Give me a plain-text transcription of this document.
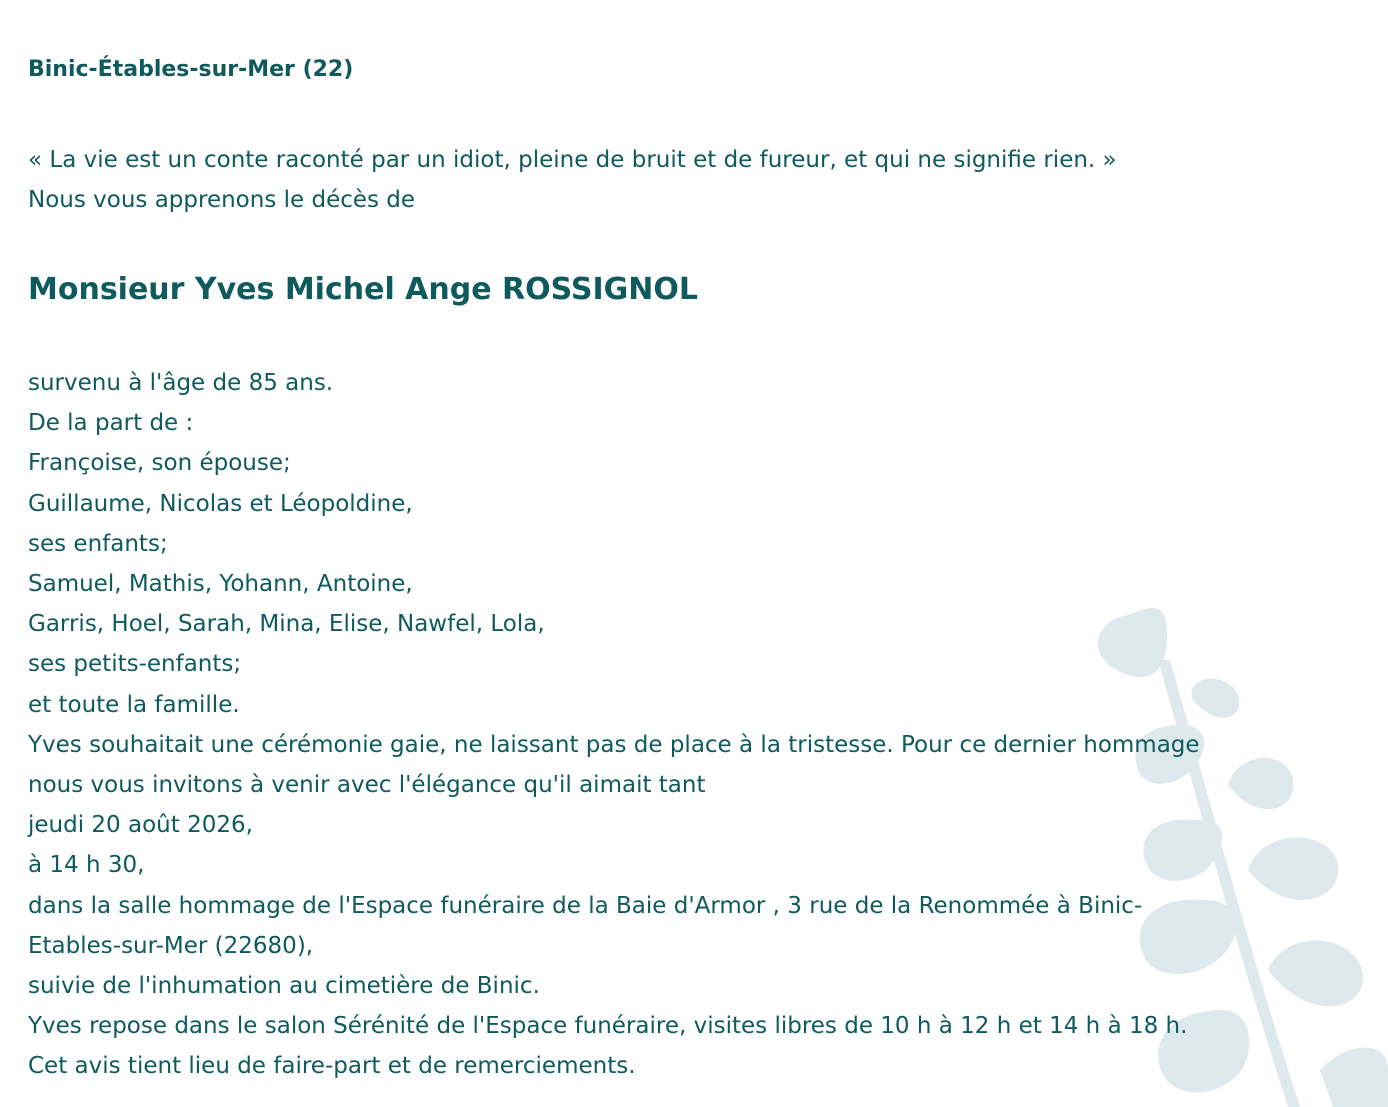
Binic-Étables-sur-Mer (22)
« La vie est un conte raconté par un idiot, pleine de bruit et de fureur, et qui ne signifie rien. »
Nous vous apprenons le décès de
Monsieur Yves Michel Ange ROSSIGNOL
survenu à l'âge de 85 ans.
De la part de :
Françoise, son épouse;
Guillaume, Nicolas et Léopoldine,
ses enfants;
Samuel, Mathis, Yohann, Antoine,
Garris, Hoel, Sarah, Mina, Elise, Nawfel, Lola,
ses petits-enfants;
et toute la famille.
Yves souhaitait une cérémonie gaie, ne laissant pas de place à la tristesse. Pour ce dernier hommage
nous vous invitons à venir avec l'élégance qu'il aimait tant
jeudi 20 août 2026,
à 14 h 30,
dans la salle hommage de l'Espace funéraire de la Baie d'Armor , 3 rue de la Renommée à Binic-
Etables-sur-Mer (22680),
suivie de l'inhumation au cimetière de Binic.
Yves repose dans le salon Sérénité de l'Espace funéraire, visites libres de 10 h à 12 h et 14 h à 18 h.
Cet avis tient lieu de faire-part et de remerciements.
